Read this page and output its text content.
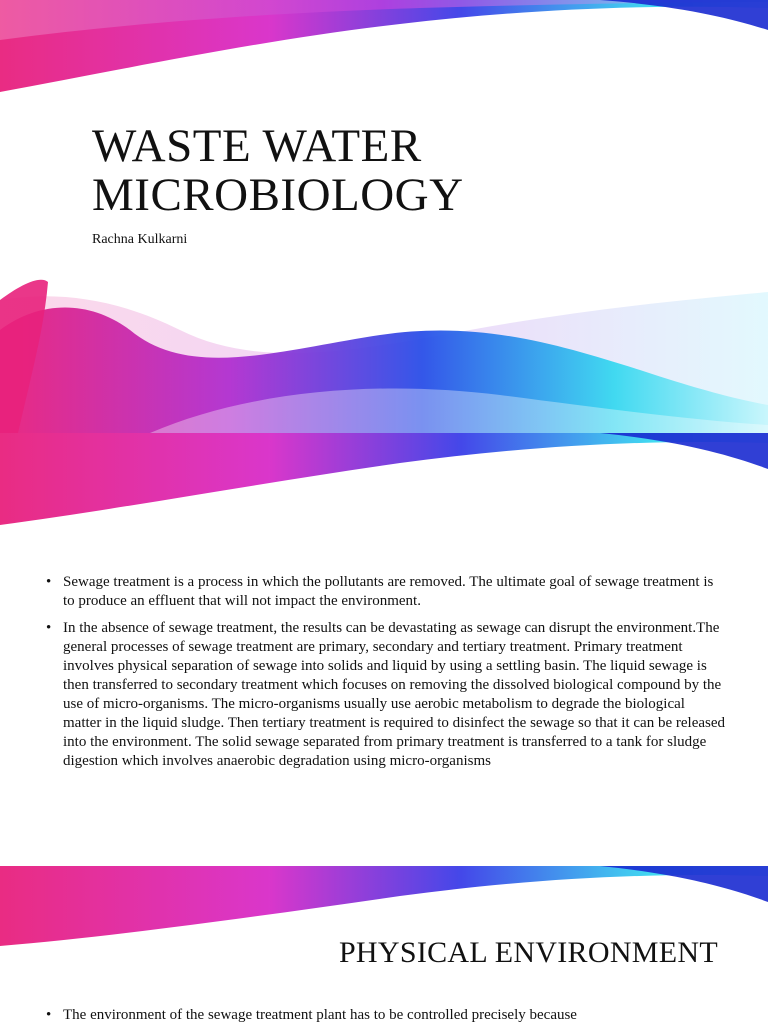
WASTE WATER
MICROBIOLOGY

Rachna Kulkarni

• Sewage treatment is a process in which the pollutants are removed. The ultimate goal of sewage treatment is to produce an effluent that will not impact the environment.
• In the absence of sewage treatment, the results can be devastating as sewage can disrupt the environment.The general processes of sewage treatment are primary, secondary and tertiary treatment. Primary treatment involves physical separation of sewage into solids and liquid by using a settling basin. The liquid sewage is then transferred to secondary treatment which focuses on removing the dissolved biological compound by the use of micro-organisms. The micro-organisms usually use aerobic metabolism to degrade the biological matter in the liquid sludge. Then tertiary treatment is required to disinfect the sewage so that it can be released into the environment. The solid sewage separated from primary treatment is transferred to a tank for sludge digestion which involves anaerobic degradation using micro-organisms
PHYSICAL ENVIRONMENT
• The environment of the sewage treatment plant has to be controlled precisely because
